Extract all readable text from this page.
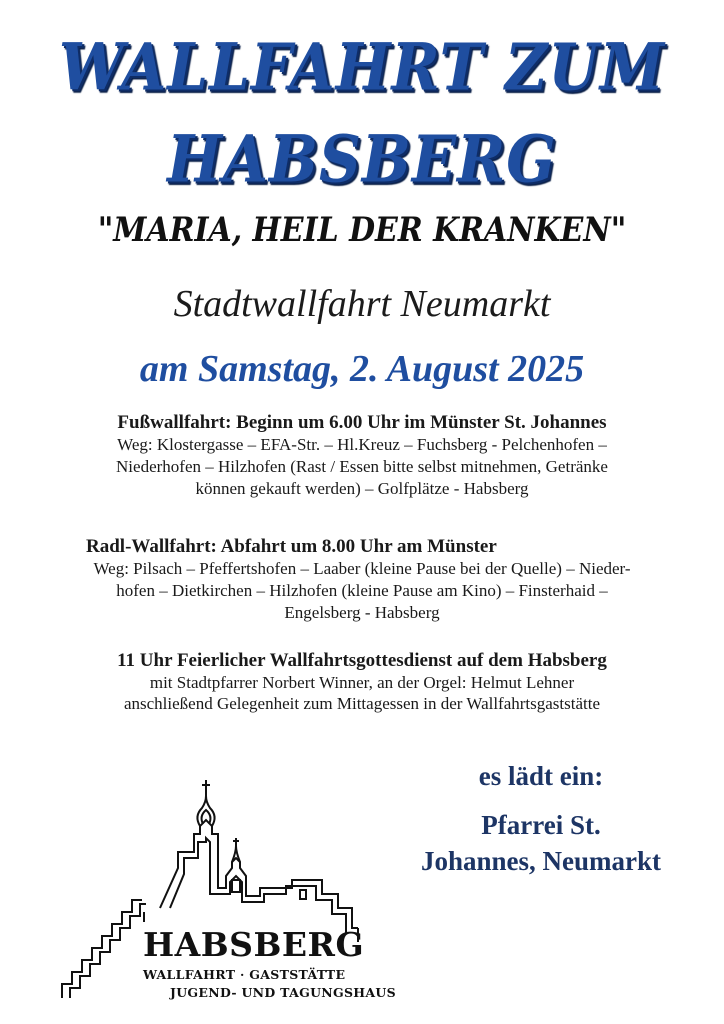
WALLFAHRT ZUM
HABSBERG
"MARIA, HEIL DER KRANKEN"
Stadtwallfahrt Neumarkt
am Samstag, 2. August 2025
Fußwallfahrt: Beginn um 6.00 Uhr im Münster St. Johannes
Weg: Klostergasse – EFA-Str. – Hl.Kreuz – Fuchsberg - Pelchenhofen –
Niederhofen – Hilzhofen (Rast / Essen bitte selbst mitnehmen, Getränke
können gekauft werden) – Golfplätze - Habsberg
Radl-Wallfahrt: Abfahrt um 8.00 Uhr am Münster
Weg: Pilsach – Pfeffertshofen – Laaber (kleine Pause bei der Quelle) – Nieder-
hofen – Dietkirchen – Hilzhofen (kleine Pause am Kino) – Finsterhaid –
Engelsberg - Habsberg
11 Uhr Feierlicher Wallfahrtsgottesdienst auf dem Habsberg
mit Stadtpfarrer Norbert Winner, an der Orgel: Helmut Lehner
anschließend Gelegenheit zum Mittagessen in der Wallfahrtsgaststätte
es lädt ein:
Pfarrei St.
Johannes, Neumarkt
HABSBERG
WALLFAHRT · GASTSTÄTTE
JUGEND- UND TAGUNGSHAUS
